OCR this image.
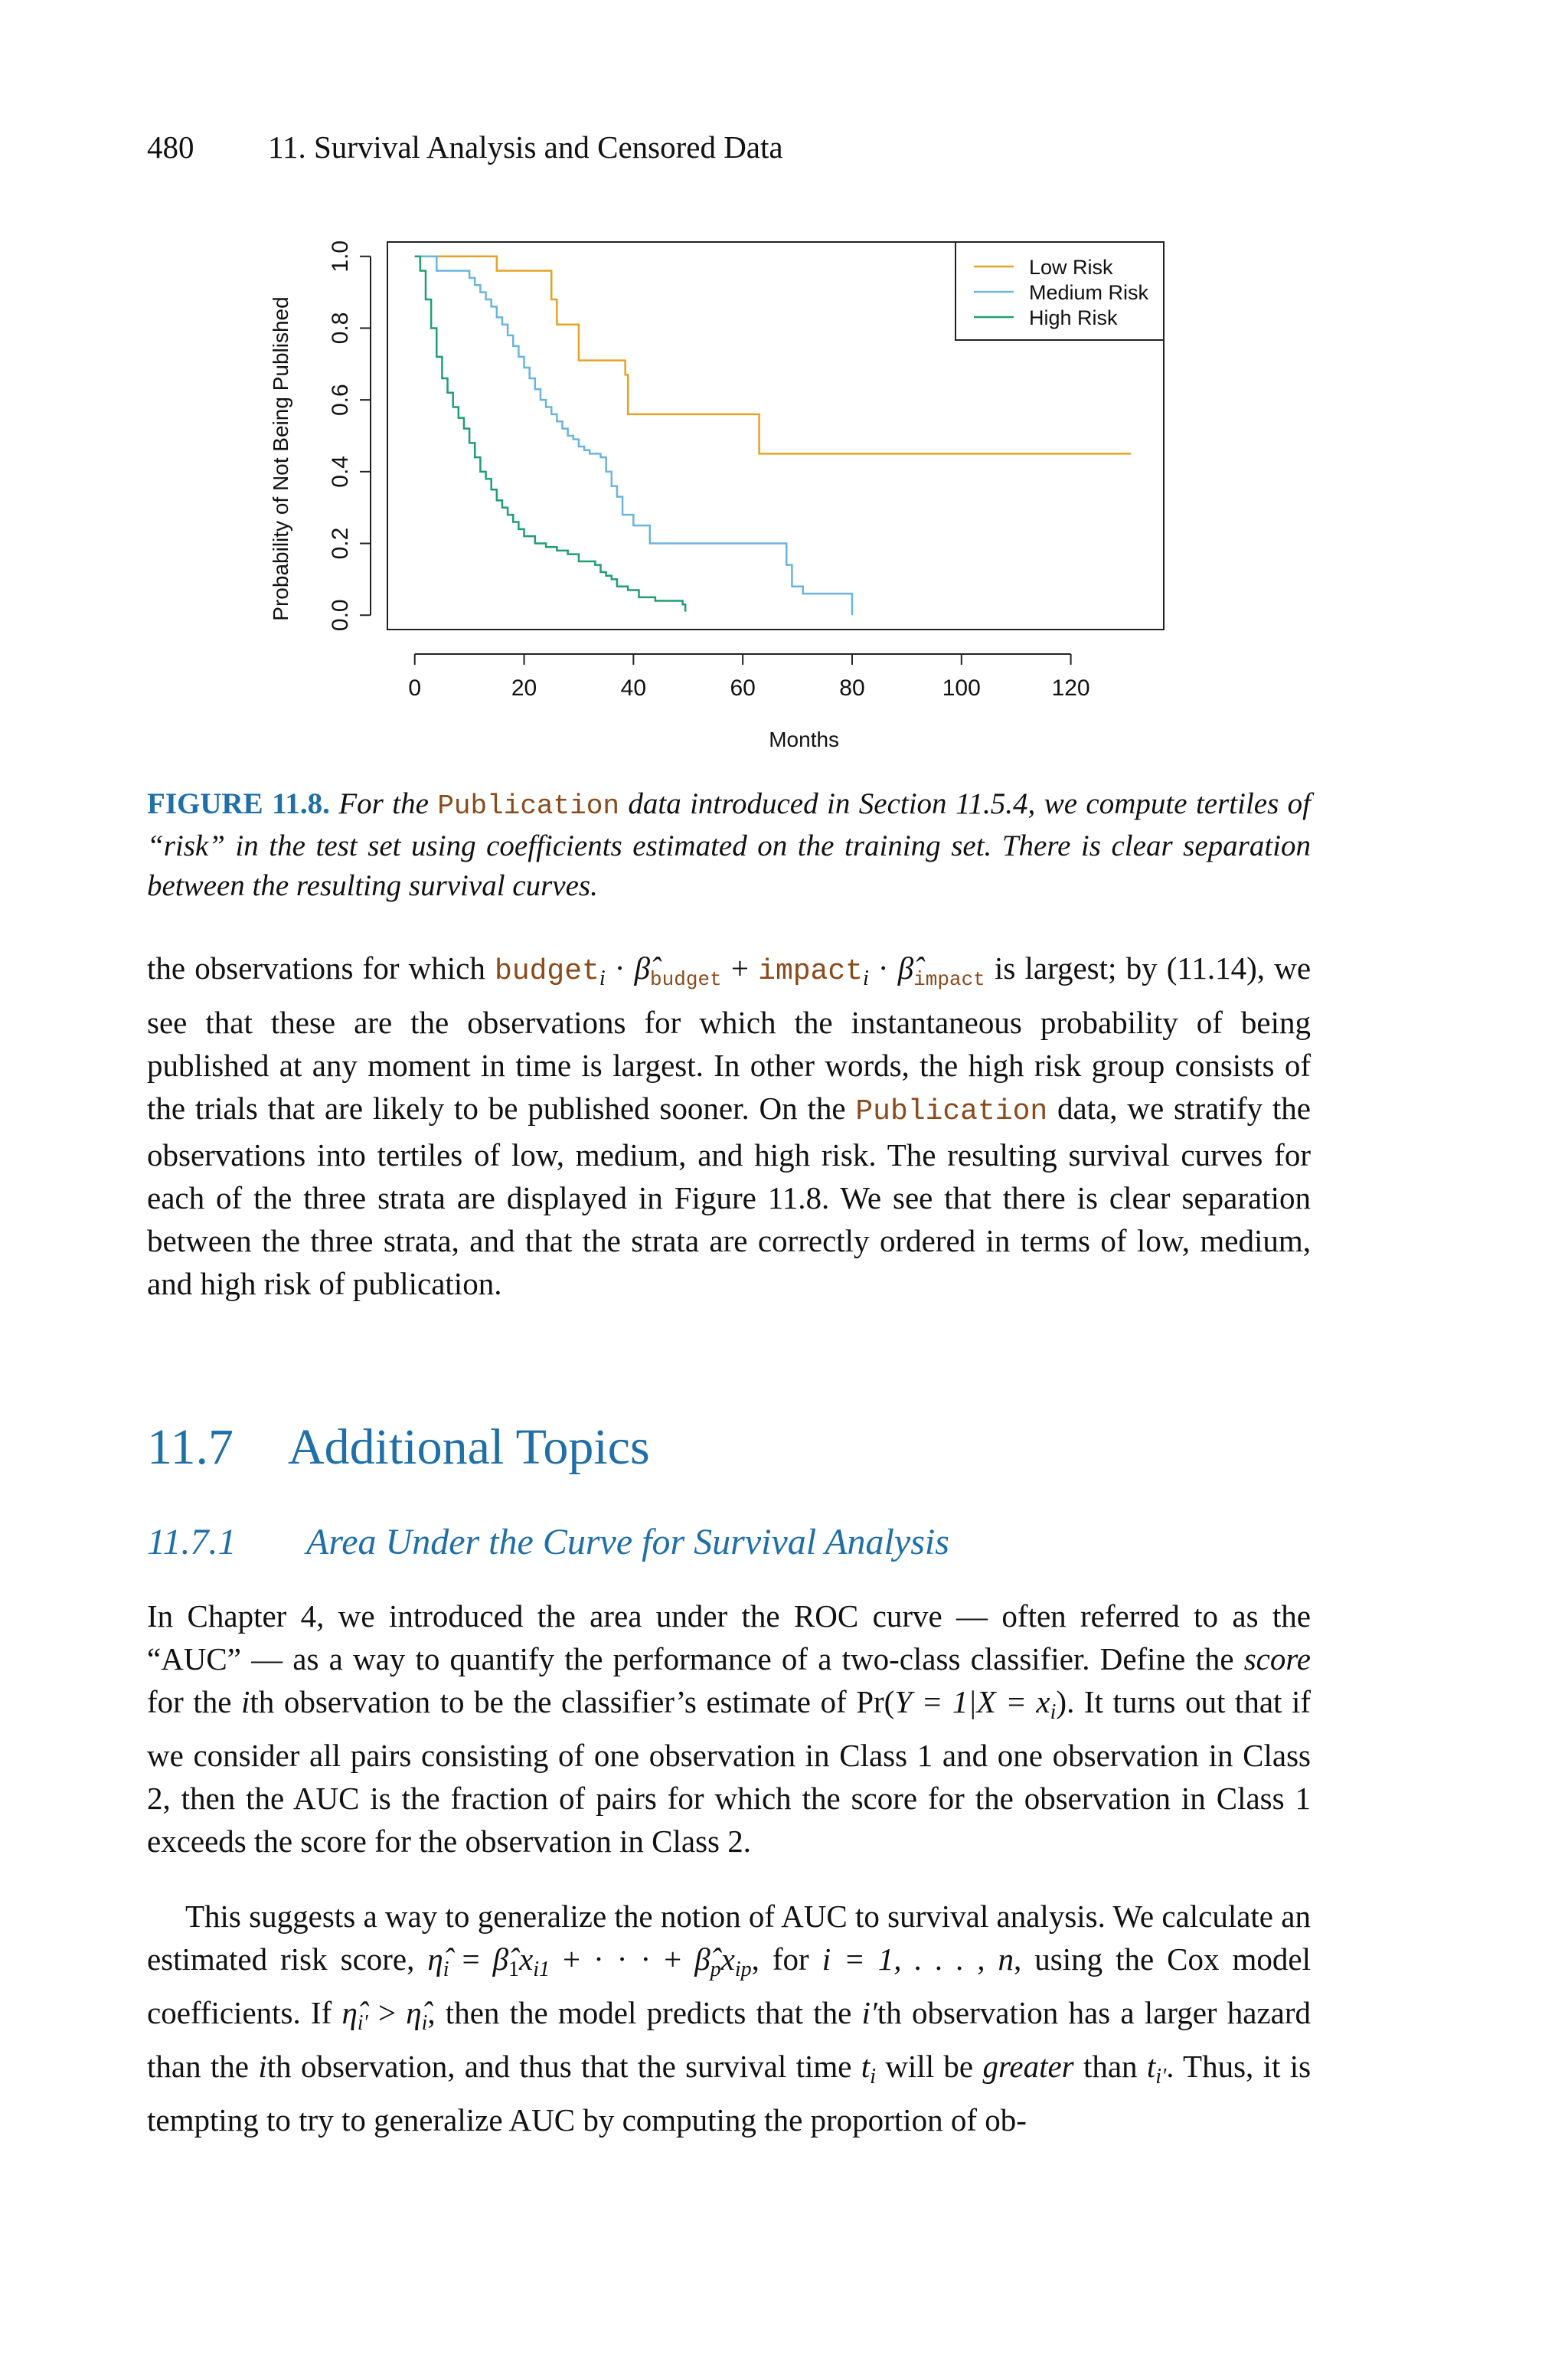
480 11. Survival Analysis and Censored Data
0	20	40	60	80	100	120
0.0
0.2
0.4
0.6
0.8
1.0	Low Risk
Medium Risk
High Risk
Months
Probability of Not Being Published
FIGURE 11.8. For the Publication data introduced in Section 11.5.4, we compute tertiles of “risk” in the test set using coefficients estimated on the training set. There is clear separation between the resulting survival curves.
the observations for which budget$_i$ · β̂budget + impact$_i$ · β̂impact is largest; by (11.14), we see that these are the observations for which the instantaneous probability of being published at any moment in time is largest. In other words, the high risk group consists of the trials that are likely to be published sooner. On the Publication data, we stratify the observations into tertiles of low, medium, and high risk. The resulting survival curves for each of the three strata are displayed in Figure 11.8. We see that there is clear separation between the three strata, and that the strata are correctly ordered in terms of low, medium, and high risk of publication.
11.7 Additional Topics
11.7.1 Area Under the Curve for Survival Analysis
In Chapter 4, we introduced the area under the ROC curve — often referred to as the “AUC” — as a way to quantify the performance of a two-class classifier. Define the score for the ith observation to be the classifier’s estimate of $Pr(Y = 1|X = x_i)$. It turns out that if we consider all pairs consisting of one observation in Class 1 and one observation in Class 2, then the AUC is the fraction of pairs for which the score for the observation in Class 1 exceeds the score for the observation in Class 2.
This suggests a way to generalize the notion of AUC to survival analysis. We calculate an estimated risk score, $\etâ_i$ = $\betâ_1x_{i1}$ + · · · + $\betâ_px_{ip}$, for i = 1, . . . , n, using the Cox model coefficients. If $\etâ_{i'}$ > $\etâ_i$, then the model predicts that the i′th observation has a larger hazard than the ith observation, and thus that the survival time $t_i$ will be greater than $t_{i'}$. Thus, it is tempting to try to generalize AUC by computing the proportion of ob-
